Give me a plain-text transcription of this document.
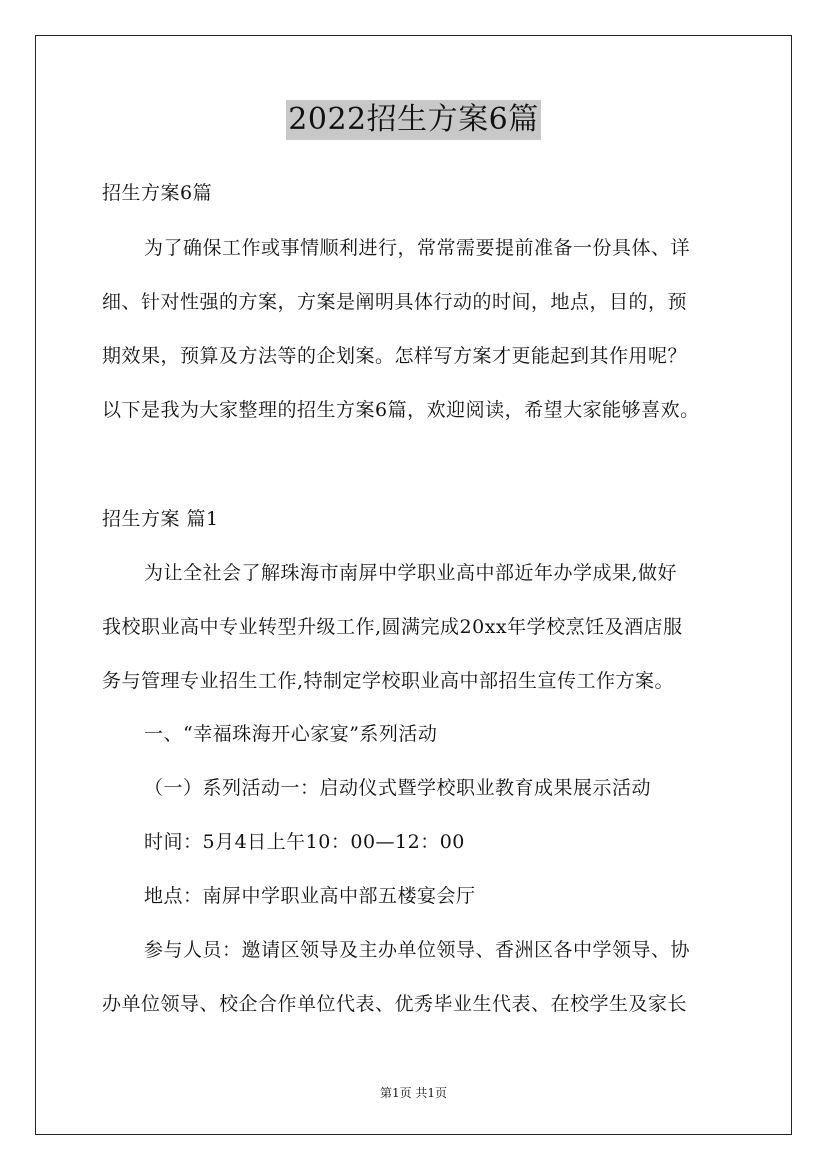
2022招生方案6篇
招生方案6篇
为了确保工作或事情顺利进行，常常需要提前准备一份具体、详
细、针对性强的方案，方案是阐明具体行动的时间，地点，目的，预
期效果，预算及方法等的企划案。怎样写方案才更能起到其作用呢？
以下是我为大家整理的招生方案6篇，欢迎阅读，希望大家能够喜欢。
招生方案 篇1
为让全社会了解珠海市南屏中学职业高中部近年办学成果,做好
我校职业高中专业转型升级工作,圆满完成20xx年学校烹饪及酒店服
务与管理专业招生工作,特制定学校职业高中部招生宣传工作方案。
一、“幸福珠海开心家宴”系列活动
（一）系列活动一：启动仪式暨学校职业教育成果展示活动
时间：5月4日上午10：00—12：00
地点：南屏中学职业高中部五楼宴会厅
参与人员：邀请区领导及主办单位领导、香洲区各中学领导、协
办单位领导、校企合作单位代表、优秀毕业生代表、在校学生及家长
第1页 共1页
